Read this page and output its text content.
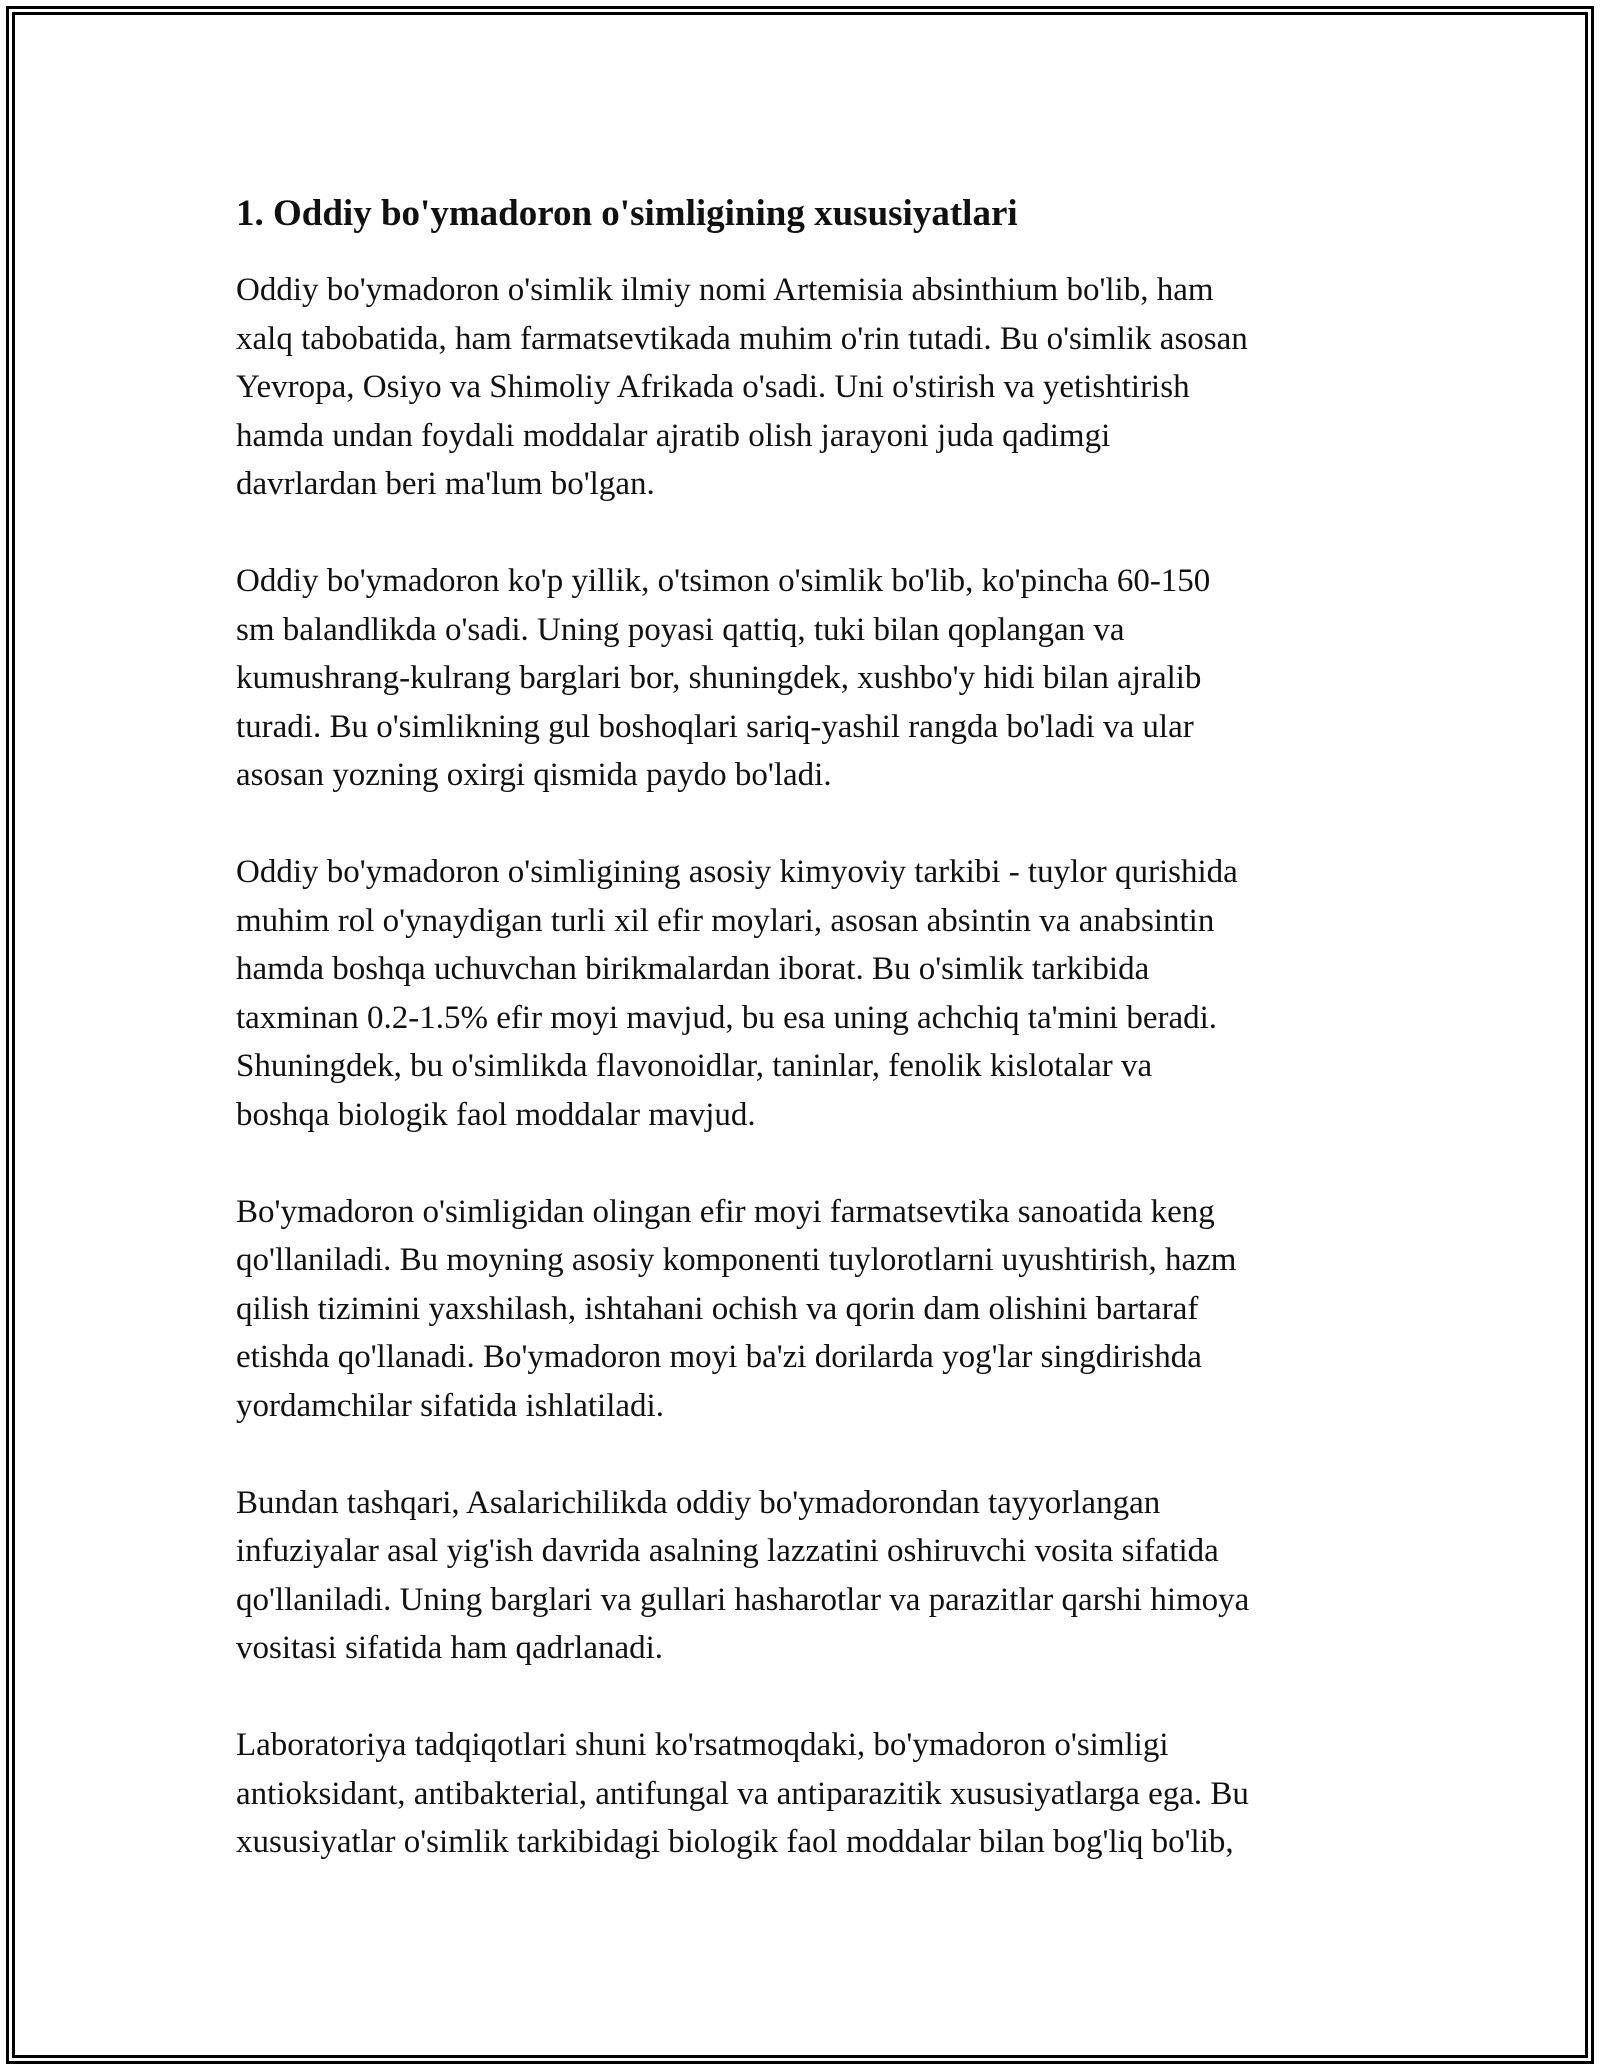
1. Oddiy bo'ymadoron o'simligining xususiyatlari

Oddiy bo'ymadoron o'simlik ilmiy nomi Artemisia absinthium bo'lib, ham
xalq tabobatida, ham farmatsevtikada muhim o'rin tutadi. Bu o'simlik asosan
Yevropa, Osiyo va Shimoliy Afrikada o'sadi. Uni o'stirish va yetishtirish
hamda undan foydali moddalar ajratib olish jarayoni juda qadimgi
davrlardan beri ma'lum bo'lgan.

Oddiy bo'ymadoron ko'p yillik, o'tsimon o'simlik bo'lib, ko'pincha 60-150
sm balandlikda o'sadi. Uning poyasi qattiq, tuki bilan qoplangan va
kumushrang-kulrang barglari bor, shuningdek, xushbo'y hidi bilan ajralib
turadi. Bu o'simlikning gul boshoqlari sariq-yashil rangda bo'ladi va ular
asosan yozning oxirgi qismida paydo bo'ladi.

Oddiy bo'ymadoron o'simligining asosiy kimyoviy tarkibi - tuylor qurishida
muhim rol o'ynaydigan turli xil efir moylari, asosan absintin va anabsintin
hamda boshqa uchuvchan birikmalardan iborat. Bu o'simlik tarkibida
taxminan 0.2-1.5% efir moyi mavjud, bu esa uning achchiq ta'mini beradi.
Shuningdek, bu o'simlikda flavonoidlar, taninlar, fenolik kislotalar va
boshqa biologik faol moddalar mavjud.

Bo'ymadoron o'simligidan olingan efir moyi farmatsevtika sanoatida keng
qo'llaniladi. Bu moyning asosiy komponenti tuylorotlarni uyushtirish, hazm
qilish tizimini yaxshilash, ishtahani ochish va qorin dam olishini bartaraf
etishda qo'llanadi. Bo'ymadoron moyi ba'zi dorilarda yog'lar singdirishda
yordamchilar sifatida ishlatiladi.

Bundan tashqari, Asalarichilikda oddiy bo'ymadorondan tayyorlangan
infuziyalar asal yig'ish davrida asalning lazzatini oshiruvchi vosita sifatida
qo'llaniladi. Uning barglari va gullari hasharotlar va parazitlar qarshi himoya
vositasi sifatida ham qadrlanadi.

Laboratoriya tadqiqotlari shuni ko'rsatmoqdaki, bo'ymadoron o'simligi
antioksidant, antibakterial, antifungal va antiparazitik xususiyatlarga ega. Bu
xususiyatlar o'simlik tarkibidagi biologik faol moddalar bilan bog'liq bo'lib,
